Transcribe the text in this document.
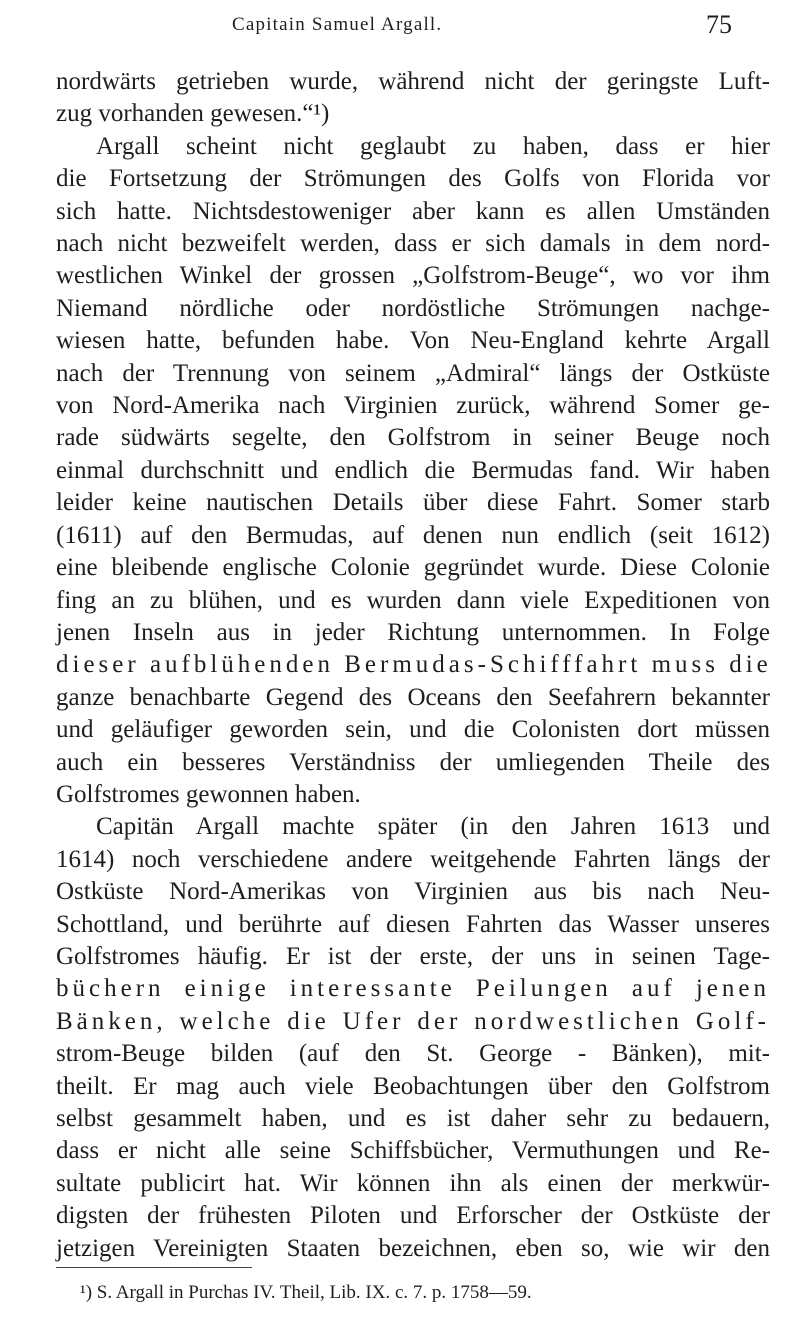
Capitain Samuel Argall.	75
nordwärts getrieben wurde, während nicht der geringste Luft-
zug vorhanden gewesen.“¹)
Argall scheint nicht geglaubt zu haben, dass er hier
die Fortsetzung der Strömungen des Golfs von Florida vor
sich hatte. Nichtsdestoweniger aber kann es allen Umständen
nach nicht bezweifelt werden, dass er sich damals in dem nord-
westlichen Winkel der grossen „Golfstrom-Beuge“, wo vor ihm
Niemand nördliche oder nordöstliche Strömungen nachge-
wiesen hatte, befunden habe. Von Neu-England kehrte Argall
nach der Trennung von seinem „Admiral“ längs der Ostküste
von Nord-Amerika nach Virginien zurück, während Somer ge-
rade südwärts segelte, den Golfstrom in seiner Beuge noch
einmal durchschnitt und endlich die Bermudas fand. Wir haben
leider keine nautischen Details über diese Fahrt. Somer starb
(1611) auf den Bermudas, auf denen nun endlich (seit 1612)
eine bleibende englische Colonie gegründet wurde. Diese Colonie
fing an zu blühen, und es wurden dann viele Expeditionen von
jenen Inseln aus in jeder Richtung unternommen. In Folge
dieser aufblühenden Bermudas-Schifffahrt muss die
ganze benachbarte Gegend des Oceans den Seefahrern bekannter
und geläufiger geworden sein, und die Colonisten dort müssen
auch ein besseres Verständniss der umliegenden Theile des
Golfstromes gewonnen haben.
Capitän Argall machte später (in den Jahren 1613 und
1614) noch verschiedene andere weitgehende Fahrten längs der
Ostküste Nord-Amerikas von Virginien aus bis nach Neu-
Schottland, und berührte auf diesen Fahrten das Wasser unseres
Golfstromes häufig. Er ist der erste, der uns in seinen Tage-
büchern einige interessante Peilungen auf jenen
Bänken, welche die Ufer der nordwestlichen Golf-
strom-Beuge bilden (auf den St. George - Bänken), mit-
theilt. Er mag auch viele Beobachtungen über den Golfstrom
selbst gesammelt haben, und es ist daher sehr zu bedauern,
dass er nicht alle seine Schiffsbücher, Vermuthungen und Re-
sultate publicirt hat. Wir können ihn als einen der merkwür-
digsten der frühesten Piloten und Erforscher der Ostküste der
jetzigen Vereinigten Staaten bezeichnen, eben so, wie wir den
¹) S. Argall in Purchas IV. Theil, Lib. IX. c. 7. p. 1758—59.
